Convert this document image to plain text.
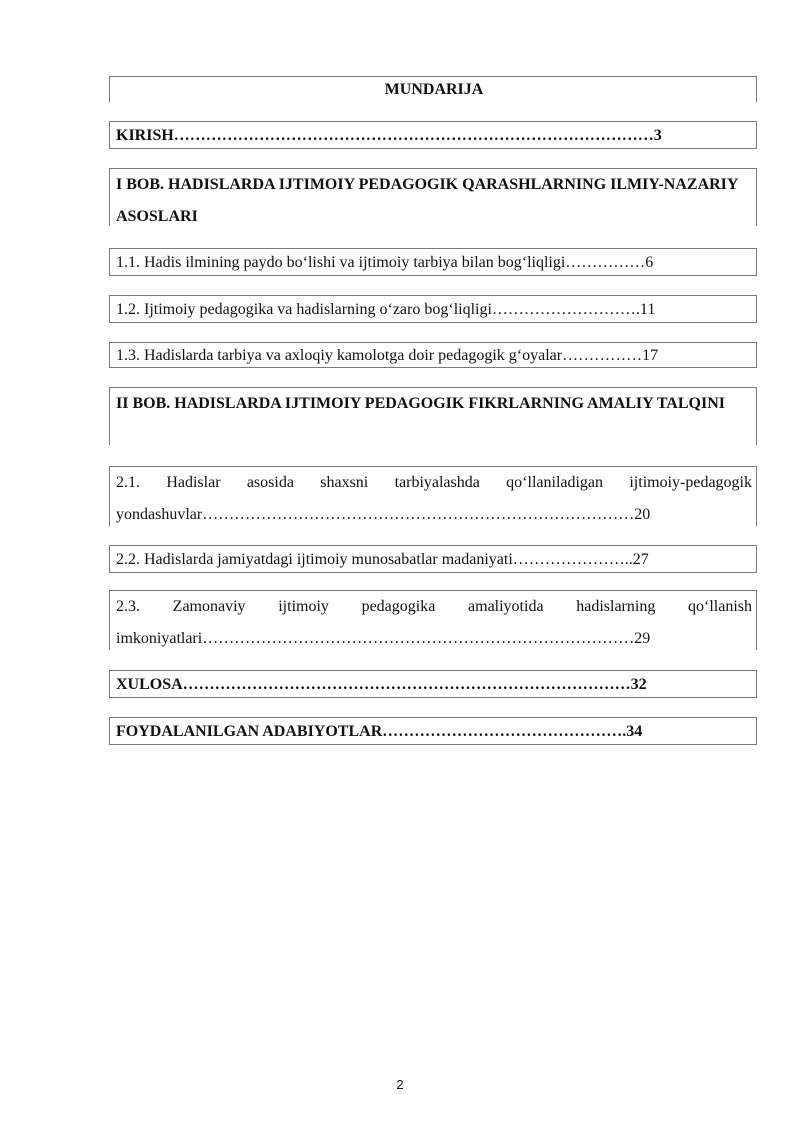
MUNDARIJA
KIRISH………………………………………………………………………………3
I BOB. HADISLARDA IJTIMOIY PEDAGOGIK QARASHLARNING ILMIY-NAZARIY ASOSLARI
1.1. Hadis ilmining paydo bo‘lishi va ijtimoiy tarbiya bilan bog‘liqligi……………6
1.2. Ijtimoiy pedagogika va hadislarning o‘zaro bog‘liqligi……………………….11
1.3. Hadislarda tarbiya va axloqiy kamolotga doir pedagogik g‘oyalar……………17
II BOB. HADISLARDA IJTIMOIY PEDAGOGIK FIKRLARNING AMALIY TALQINI
2.1. Hadislar asosida shaxsni tarbiyalashda qo‘llaniladigan ijtimoiy-pedagogik yondashuvlar………………………………………………………………………20
2.2. Hadislarda jamiyatdagi ijtimoiy munosabatlar madaniyati…………………..27
2.3. Zamonaviy ijtimoiy pedagogika amaliyotida hadislarning qo‘llanish imkoniyatlari………………………………………………………………………29
XULOSA…………………………………………………………………………32
FOYDALANILGAN ADABIYOTLAR……………………………………….34
2
